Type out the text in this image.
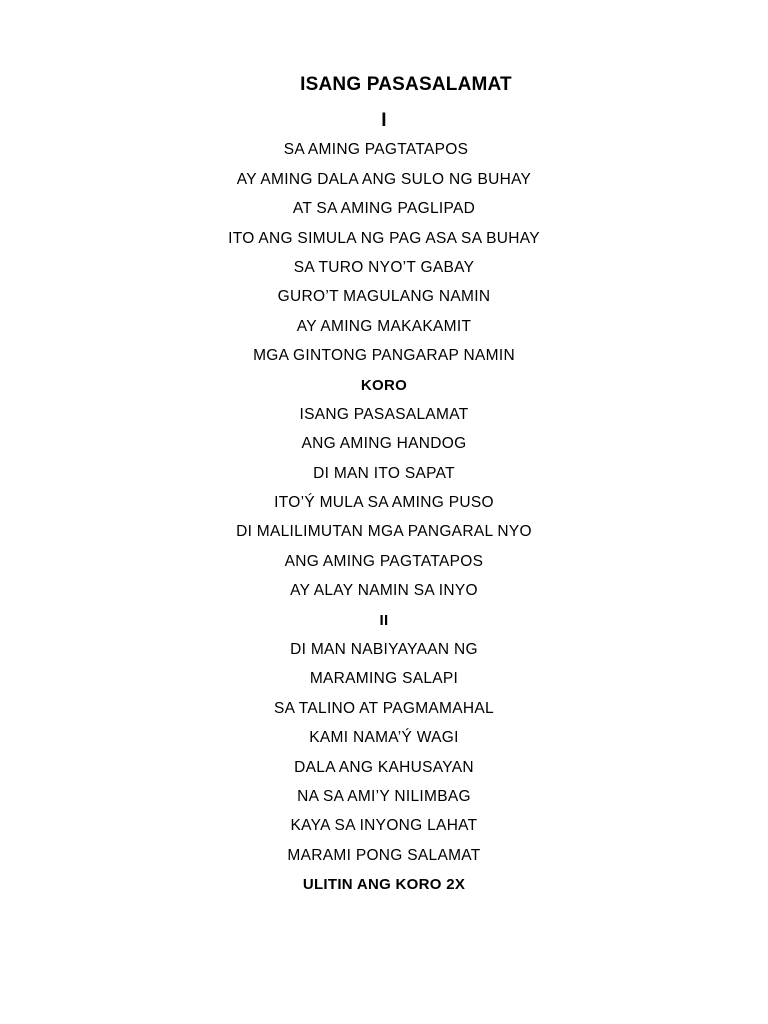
ISANG PASASALAMAT
I
SA AMING PAGTATAPOS
AY AMING DALA ANG SULO NG BUHAY
AT SA AMING PAGLIPAD
ITO ANG SIMULA NG PAG ASA SA BUHAY
SA TURO NYO’T GABAY
GURO’T MAGULANG NAMIN
AY AMING MAKAKAMIT
MGA GINTONG PANGARAP NAMIN
KORO
ISANG PASASALAMAT
ANG AMING HANDOG
DI MAN ITO SAPAT
ITO’Ý MULA SA AMING PUSO
DI MALILIMUTAN MGA PANGARAL NYO
ANG AMING PAGTATAPOS
AY ALAY NAMIN SA INYO
II
DI MAN NABIYAYAAN NG
MARAMING SALAPI
SA TALINO AT PAGMAMAHAL
KAMI NAMA’Ý WAGI
DALA ANG KAHUSAYAN
NA SA AMI’Y NILIMBAG
KAYA SA INYONG LAHAT
MARAMI PONG SALAMAT
ULITIN ANG KORO 2X
